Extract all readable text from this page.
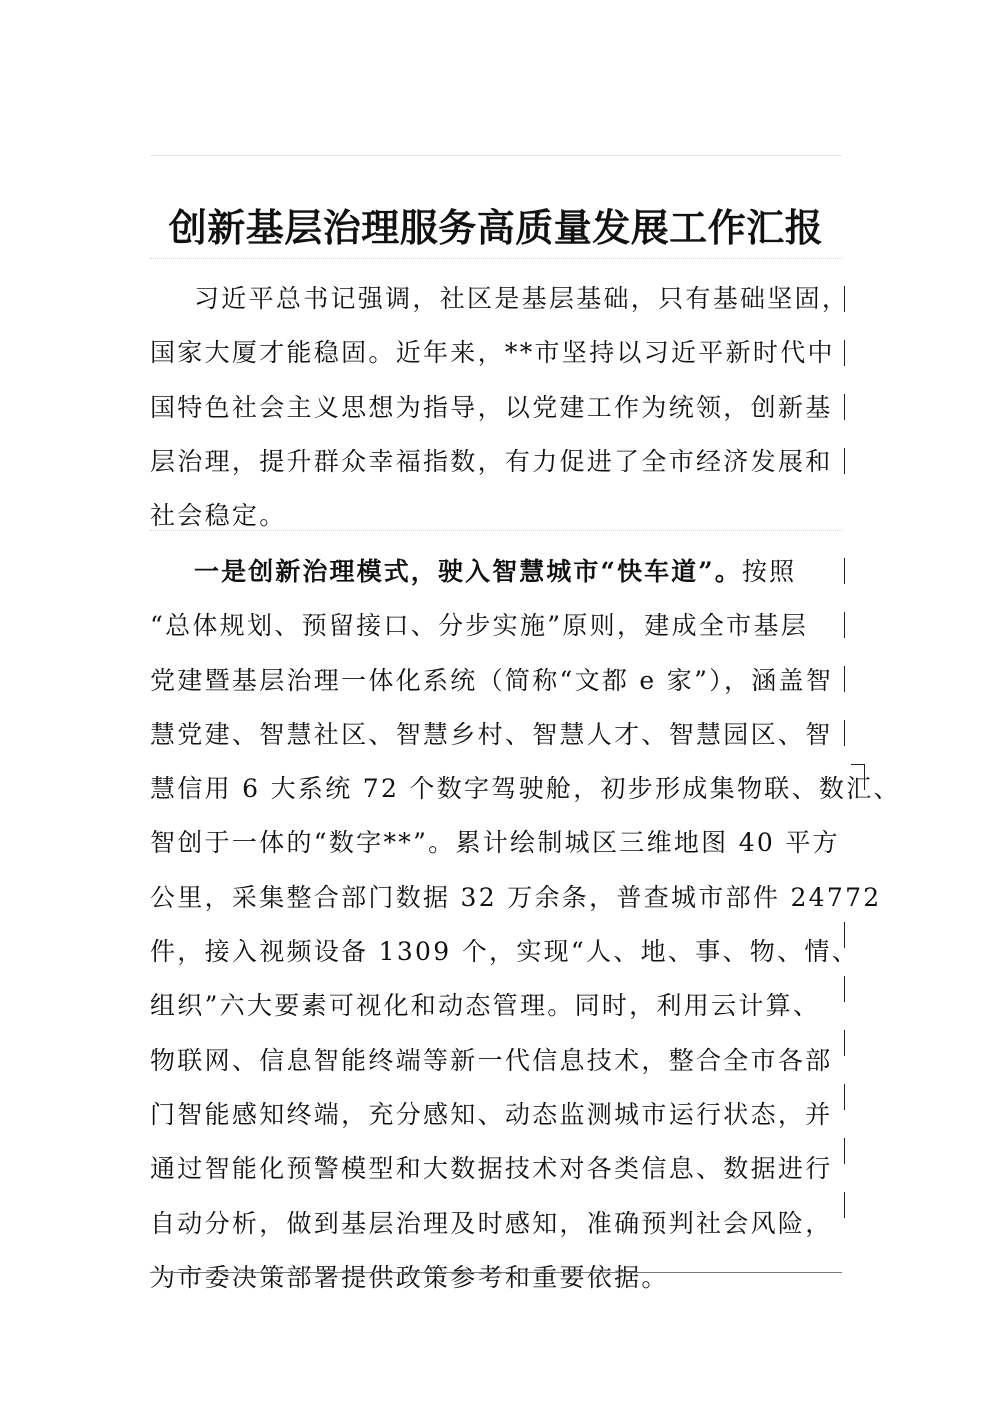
创新基层治理服务高质量发展工作汇报
习近平总书记强调，社区是基层基础，只有基础坚固，
国家大厦才能稳固。近年来，**市坚持以习近平新时代中
国特色社会主义思想为指导，以党建工作为统领，创新基
层治理，提升群众幸福指数，有力促进了全市经济发展和
社会稳定。
一是创新治理模式，驶入智慧城市“快车道”。按照
“总体规划、预留接口、分步实施”原则，建成全市基层
党建暨基层治理一体化系统（简称“文都 e 家”），涵盖智
慧党建、智慧社区、智慧乡村、智慧人才、智慧园区、智
慧信用 6 大系统 72 个数字驾驶舱，初步形成集物联、数汇、
智创于一体的“数字**”。累计绘制城区三维地图 40 平方
公里，采集整合部门数据 32 万余条，普查城市部件 24772
件，接入视频设备 1309 个，实现“人、地、事、物、情、
组织”六大要素可视化和动态管理。同时，利用云计算、
物联网、信息智能终端等新一代信息技术，整合全市各部
门智能感知终端，充分感知、动态监测城市运行状态，并
通过智能化预警模型和大数据技术对各类信息、数据进行
自动分析，做到基层治理及时感知，准确预判社会风险，
为市委决策部署提供政策参考和重要依据。
